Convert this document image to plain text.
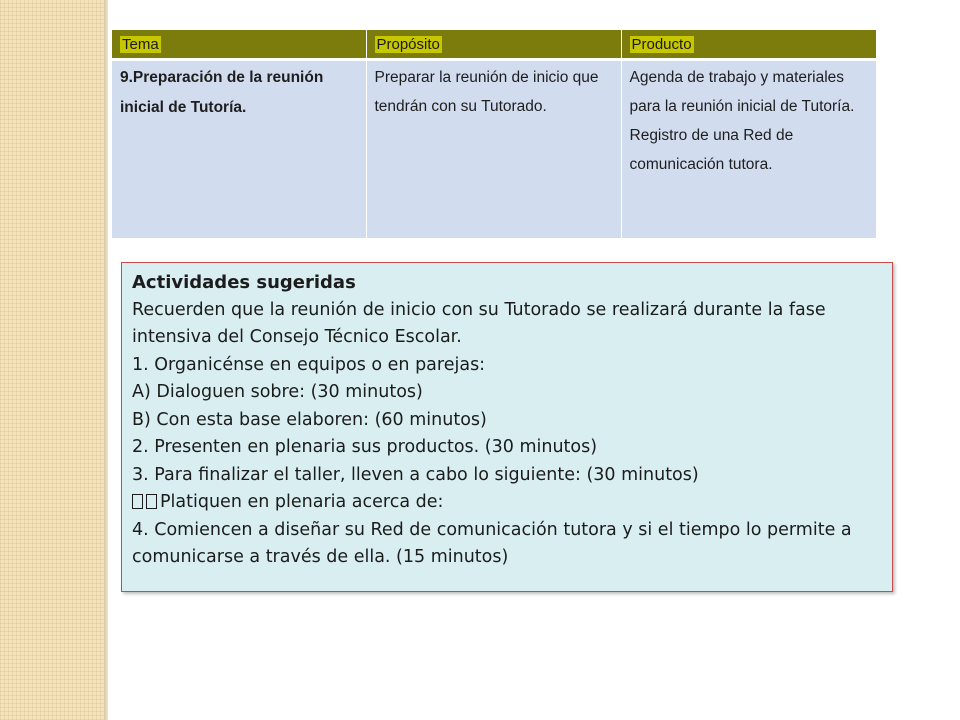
Tema	Propósito	Producto
9.Preparación de la reunión inicial de Tutoría.	Preparar la reunión de inicio que tendrán con su Tutorado.	Agenda de trabajo y materiales
para la reunión inicial de Tutoría.
Registro de una Red de comunicación tutora.
Actividades sugeridas
Recuerden que la reunión de inicio con su Tutorado se realizará durante la fase intensiva del Consejo Técnico Escolar.
1. Organicénse en equipos o en parejas:
A) Dialoguen sobre: (30 minutos)
B) Con esta base elaboren: (60 minutos)
2. Presenten en plenaria sus productos. (30 minutos)
3. Para finalizar el taller, lleven a cabo lo siguiente: (30 minutos)
Platiquen en plenaria acerca de:
4. Comiencen a diseñar su Red de comunicación tutora y si el tiempo lo permite a comunicarse a través de ella. (15 minutos)
